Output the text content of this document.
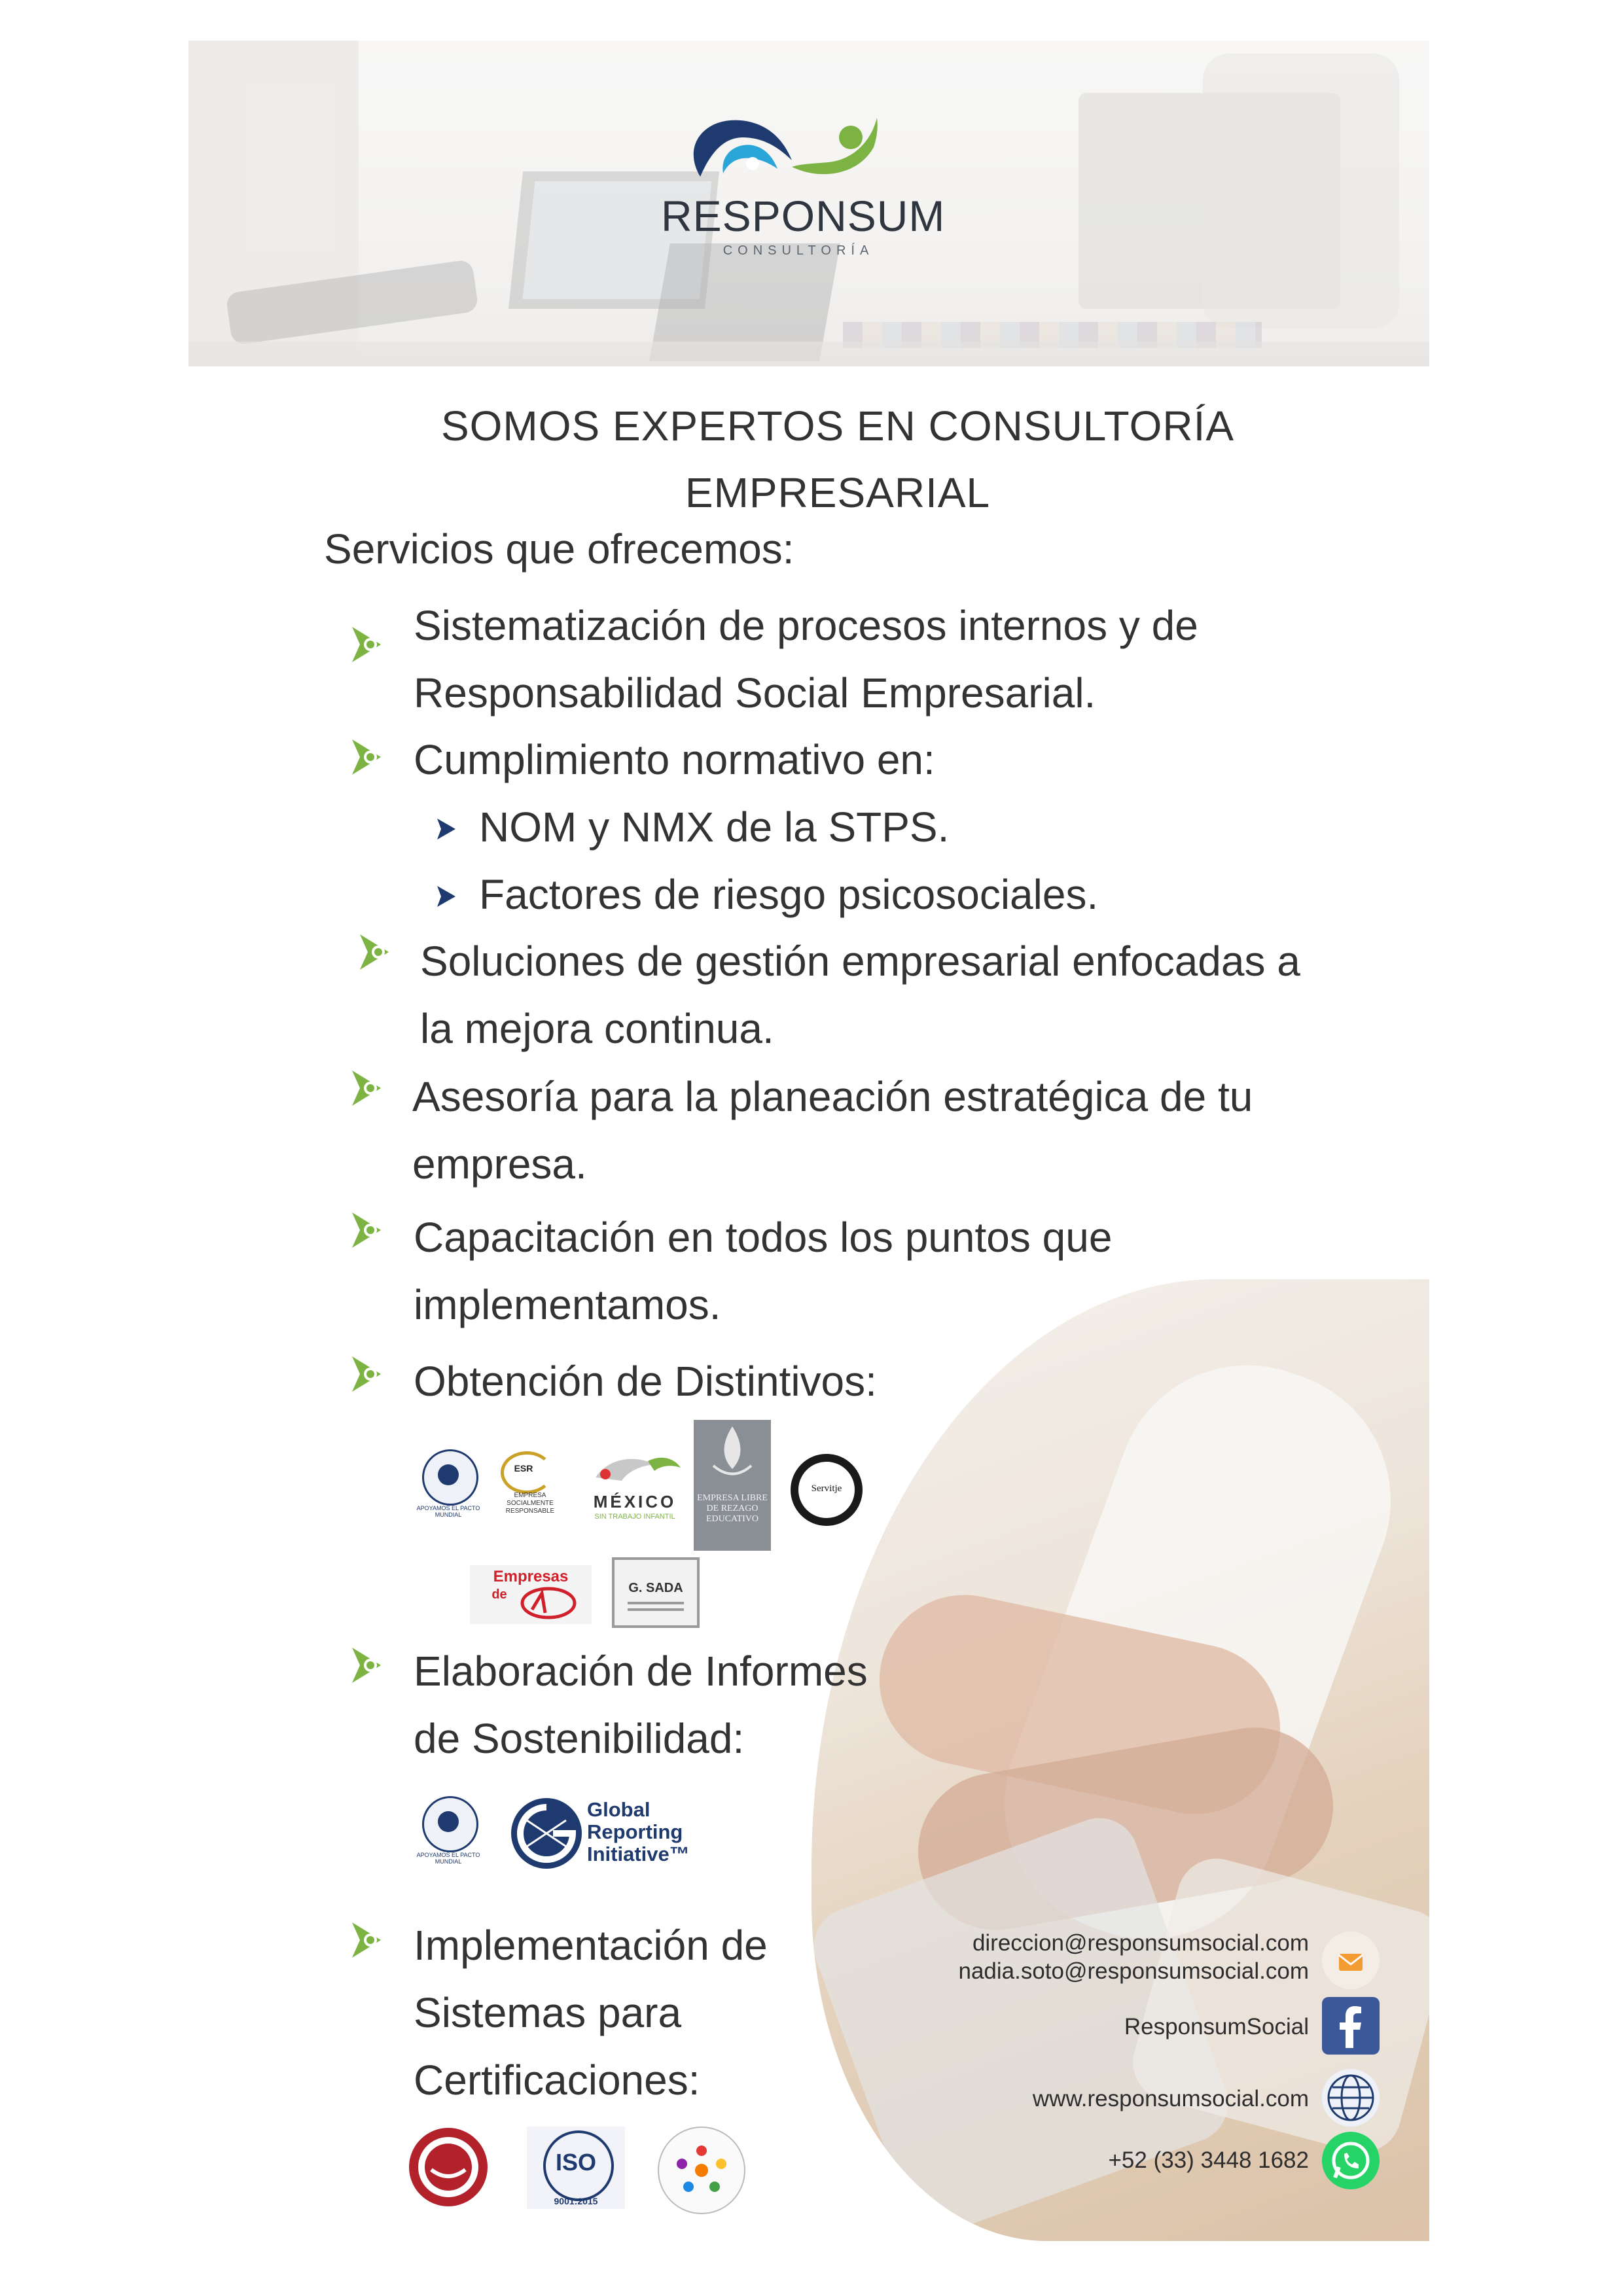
RESPONSUM
CONSULTORÍA
SOMOS EXPERTOS EN CONSULTORÍA
EMPRESARIAL
Servicios que ofrecemos:
Sistematización de procesos internos y de
Responsabilidad Social Empresarial.
Cumplimiento normativo en:
NOM y NMX de la STPS.
Factores de riesgo psicosociales.
Soluciones de gestión empresarial enfocadas a
la mejora continua.
Asesoría para la planeación estratégica de tu
empresa.
Capacitación en todos los puntos que
implementamos.
Obtención de Distintivos:
APOYAMOS EL PACTO MUNDIAL
ESR
EMPRESA SOCIALMENTE RESPONSABLE	MÉXICO
SIN TRABAJO INFANTIL
EMPRESA LIBRE DE REZAGO EDUCATIVO
Servitje
Empresas
de	G. SADA
Elaboración de Informes
de Sostenibilidad:
APOYAMOS EL PACTO MUNDIAL
Global
Reporting
Initiative™
Implementación de
Sistemas para
Certificaciones:
ISO
9001:2015
direccion@responsumsocial.com
nadia.soto@responsumsocial.com
ResponsumSocial
www.responsumsocial.com
+52 (33) 3448 1682
